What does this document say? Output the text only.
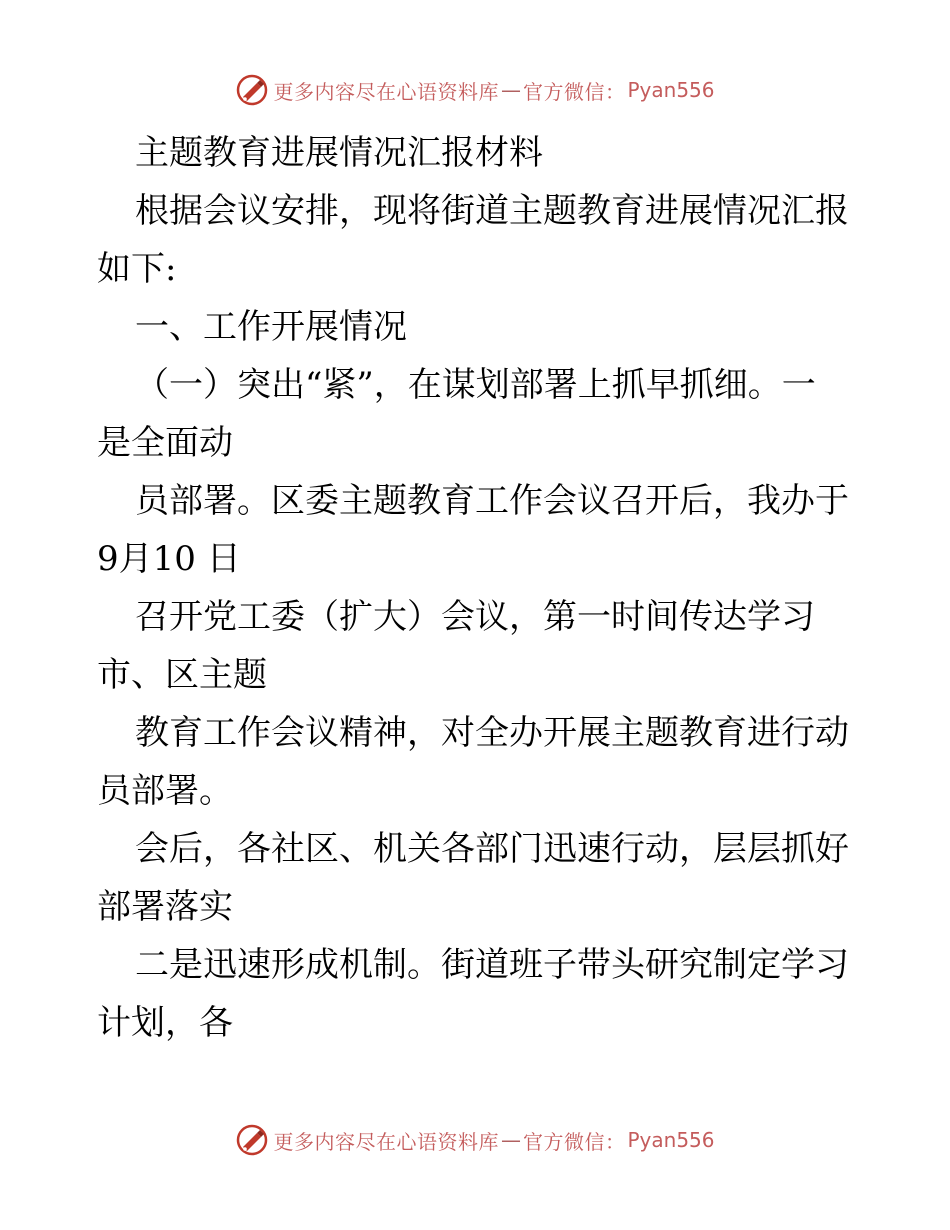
更多内容尽在心语资料库 — 官方微信： Pyan556

主题教育进展情况汇报材料

根据会议安排，现将街道主题教育进展情况汇报

如下:

一、工作开展情况

（一）突出“紧”，在谋划部署上抓早抓细。一

是全面动

员部署。区委主题教育工作会议召开后，我办于

9月10 日

召开党工委（扩大）会议，第一时间传达学习

市、区主题

教育工作会议精神，对全办开展主题教育进行动

员部署。

会后，各社区、机关各部门迅速行动，层层抓好

部署落实

二是迅速形成机制。街道班子带头研究制定学习

计划，各

更多内容尽在心语资料库 — 官方微信： Pyan556
